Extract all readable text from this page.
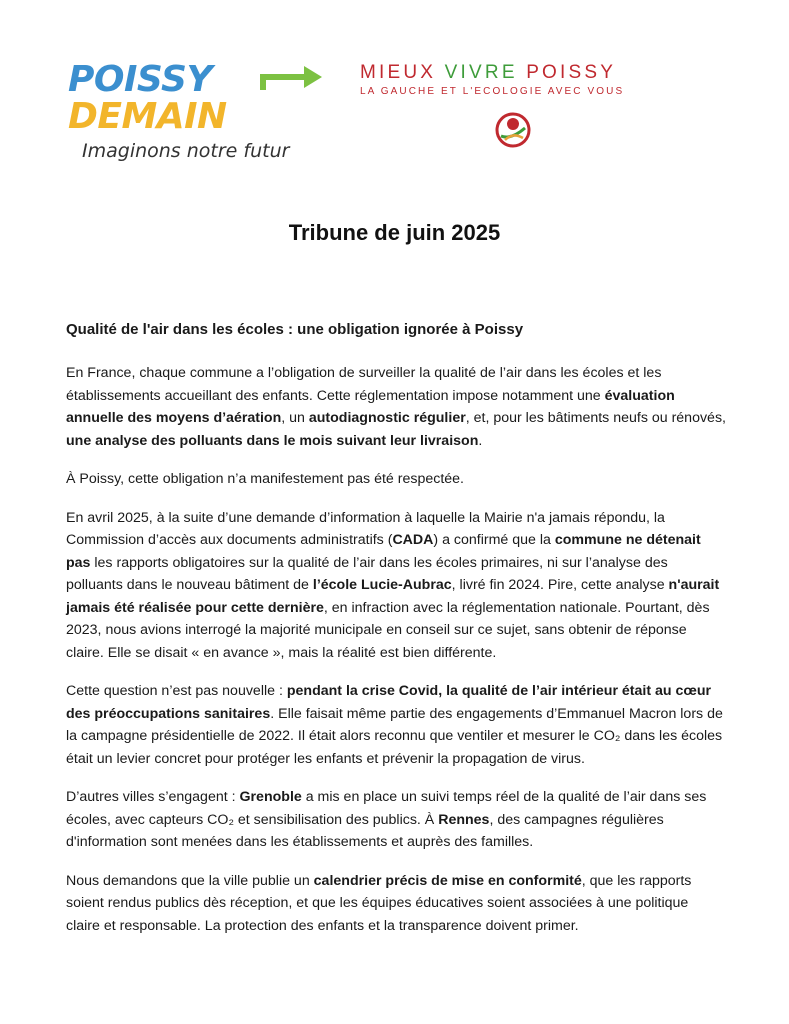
POISSY
DEMAIN
Imaginons notre futur
MIEUX VIVRE POISSY
LA GAUCHE ET L'ECOLOGIE AVEC VOUS
Tribune de juin 2025

Qualité de l'air dans les écoles : une obligation ignorée à Poissy

En France, chaque commune a l’obligation de surveiller la qualité de l’air dans les écoles et les établissements accueillant des enfants. Cette réglementation impose notamment une évaluation annuelle des moyens d’aération, un autodiagnostic régulier, et, pour les bâtiments neufs ou rénovés, une analyse des polluants dans le mois suivant leur livraison.

À Poissy, cette obligation n’a manifestement pas été respectée.

En avril 2025, à la suite d’une demande d’information à laquelle la Mairie n'a jamais répondu, la Commission d’accès aux documents administratifs (CADA) a confirmé que la commune ne détenait pas les rapports obligatoires sur la qualité de l’air dans les écoles primaires, ni sur l’analyse des polluants dans le nouveau bâtiment de l’école Lucie-Aubrac, livré fin 2024. Pire, cette analyse n'aurait jamais été réalisée pour cette dernière, en infraction avec la réglementation nationale. Pourtant, dès 2023, nous avions interrogé la majorité municipale en conseil sur ce sujet, sans obtenir de réponse claire. Elle se disait « en avance », mais la réalité est bien différente.

Cette question n’est pas nouvelle : pendant la crise Covid, la qualité de l’air intérieur était au cœur des préoccupations sanitaires. Elle faisait même partie des engagements d’Emmanuel Macron lors de la campagne présidentielle de 2022. Il était alors reconnu que ventiler et mesurer le CO₂ dans les écoles était un levier concret pour protéger les enfants et prévenir la propagation de virus.

D’autres villes s’engagent : Grenoble a mis en place un suivi temps réel de la qualité de l’air dans ses écoles, avec capteurs CO₂ et sensibilisation des publics. À Rennes, des campagnes régulières d'information sont menées dans les établissements et auprès des familles.

Nous demandons que la ville publie un calendrier précis de mise en conformité, que les rapports soient rendus publics dès réception, et que les équipes éducatives soient associées à une politique claire et responsable. La protection des enfants et la transparence doivent primer.
